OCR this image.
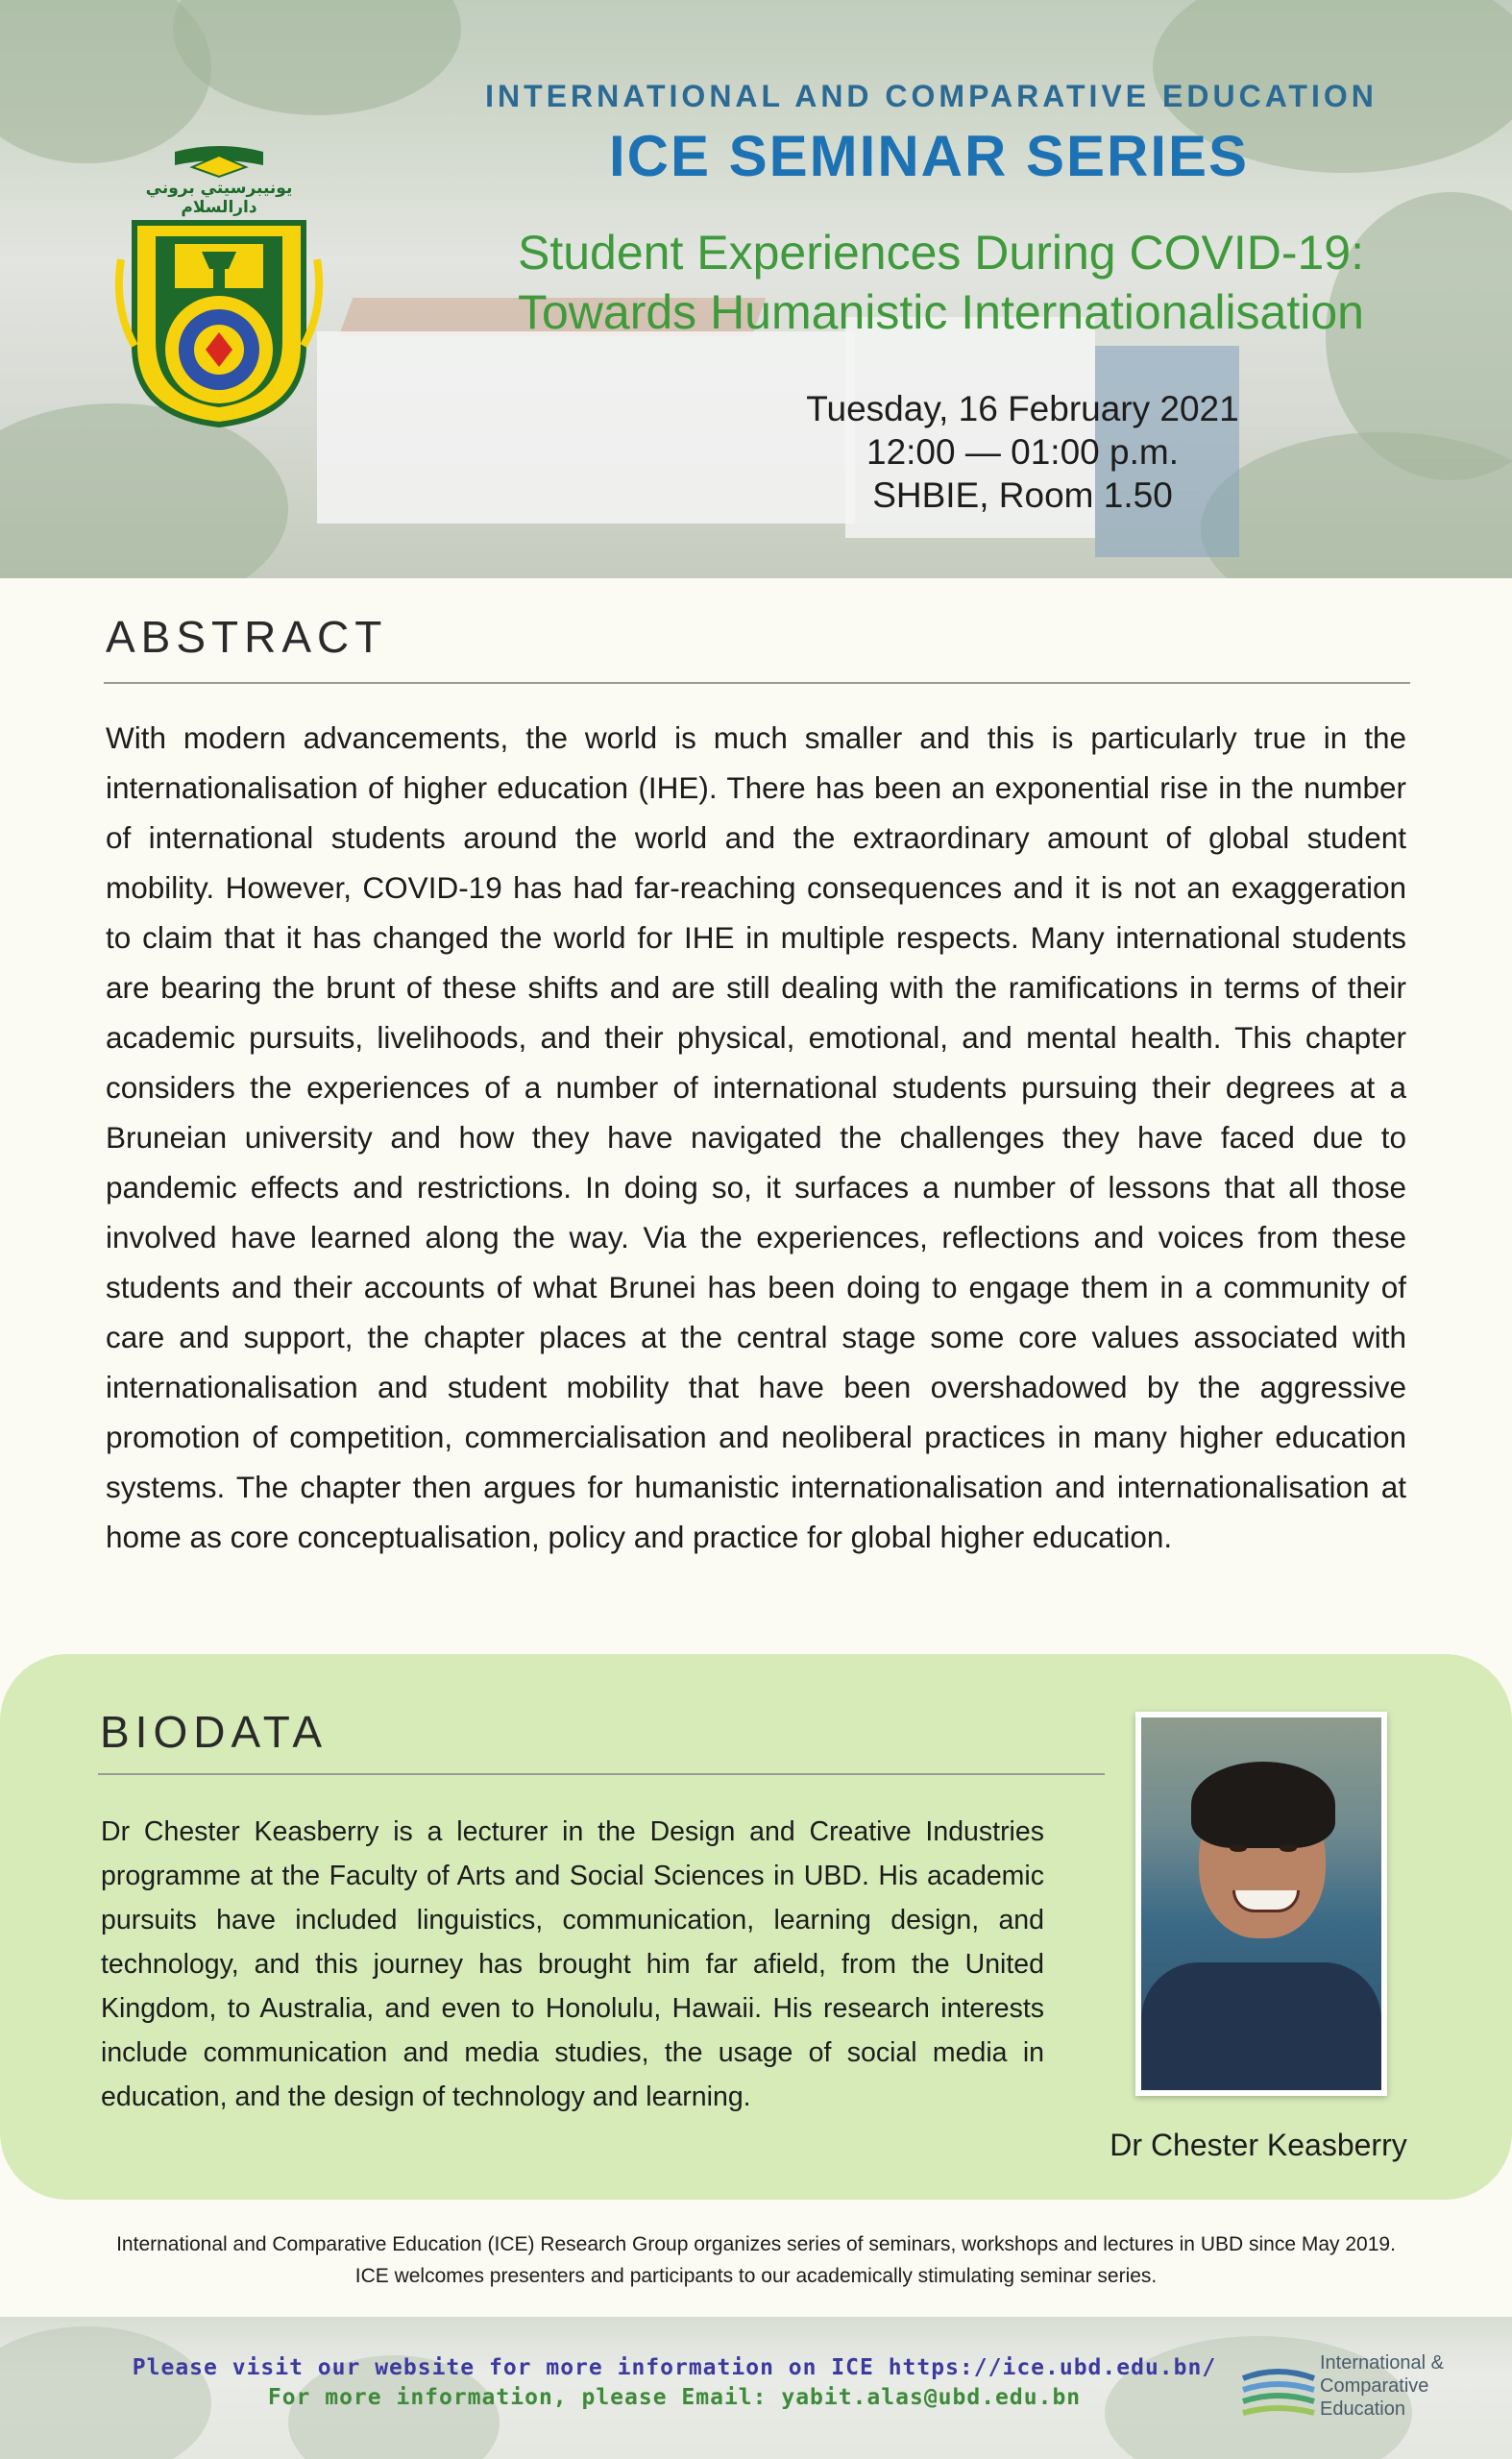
يونيبرسيتي بروني دارالسلام
INTERNATIONAL AND COMPARATIVE EDUCATION
ICE SEMINAR SERIES
Student Experiences During COVID-19:
Towards Humanistic Internationalisation
Tuesday, 16 February 2021
12:00 — 01:00 p.m.
SHBIE, Room 1.50
ABSTRACT
With modern advancements, the world is much smaller and this is particularly true in the internationalisation of higher education (IHE). There has been an exponential rise in the number of international students around the world and the extraordinary amount of global student mobility. However, COVID-19 has had far-reaching consequences and it is not an exaggeration to claim that it has changed the world for IHE in multiple respects. Many international students are bearing the brunt of these shifts and are still dealing with the ramifications in terms of their academic pursuits, livelihoods, and their physical, emotional, and mental health. This chapter considers the experiences of a number of international students pursuing their degrees at a Bruneian university and how they have navigated the challenges they have faced due to pandemic effects and restrictions. In doing so, it surfaces a number of lessons that all those involved have learned along the way. Via the experiences, reflections and voices from these students and their accounts of what Brunei has been doing to engage them in a community of care and support, the chapter places at the central stage some core values associated with internationalisation and student mobility that have been overshadowed by the aggressive promotion of competition, commercialisation and neoliberal practices in many higher education systems. The chapter then argues for humanistic internationalisation and internationalisation at home as core conceptualisation, policy and practice for global higher education.
BIODATA
Dr Chester Keasberry is a lecturer in the Design and Creative Industries programme at the Faculty of Arts and Social Sciences in UBD. His academic pursuits have included linguistics, communication, learning design, and technology, and this journey has brought him far afield, from the United Kingdom, to Australia, and even to Honolulu, Hawaii. His research interests include communication and media studies, the usage of social media in education, and the design of technology and learning.
Dr Chester Keasberry
International and Comparative Education (ICE) Research Group organizes series of seminars, workshops and lectures in UBD since May 2019.
ICE welcomes presenters and participants to our academically stimulating seminar series.
Please visit our website for more information on ICE https://ice.ubd.edu.bn/
For more information, please Email: yabit.alas@ubd.edu.bn
International &
Comparative
Education
